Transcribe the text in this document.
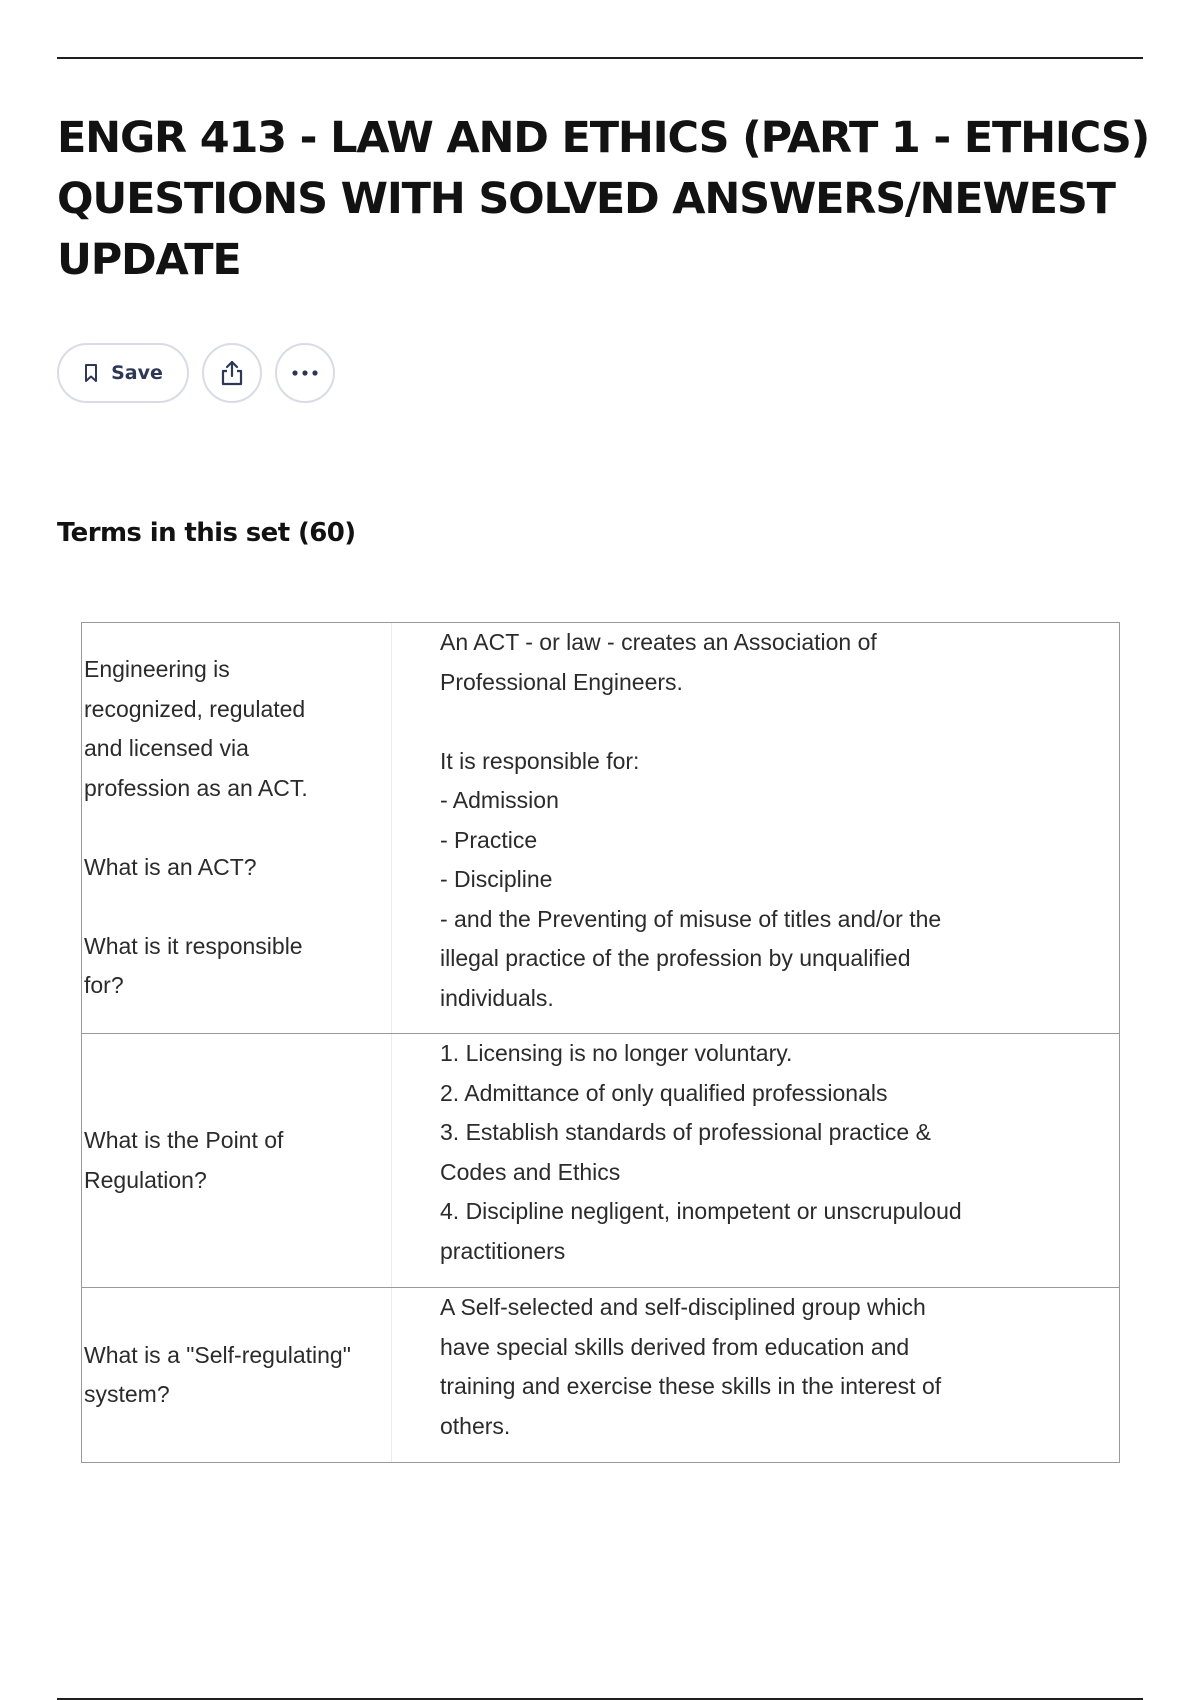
ENGR 413 - LAW AND ETHICS (PART 1 - ETHICS) QUESTIONS WITH SOLVED ANSWERS/NEWEST UPDATE
Save
Terms in this set (60)
Engineering is
recognized, regulated
and licensed via
profession as an ACT.

What is an ACT?

What is it responsible
for?
An ACT - or law - creates an Association of
Professional Engineers.

It is responsible for:
- Admission
- Practice
- Discipline
- and the Preventing of misuse of titles and/or the
illegal practice of the profession by unqualified
individuals.
What is the Point of
Regulation?
1. Licensing is no longer voluntary.
2. Admittance of only qualified professionals
3. Establish standards of professional practice &
Codes and Ethics
4. Discipline negligent, inompetent or unscrupuloud
practitioners
What is a "Self-regulating"
system?
A Self-selected and self-disciplined group which
have special skills derived from education and
training and exercise these skills in the interest of
others.
